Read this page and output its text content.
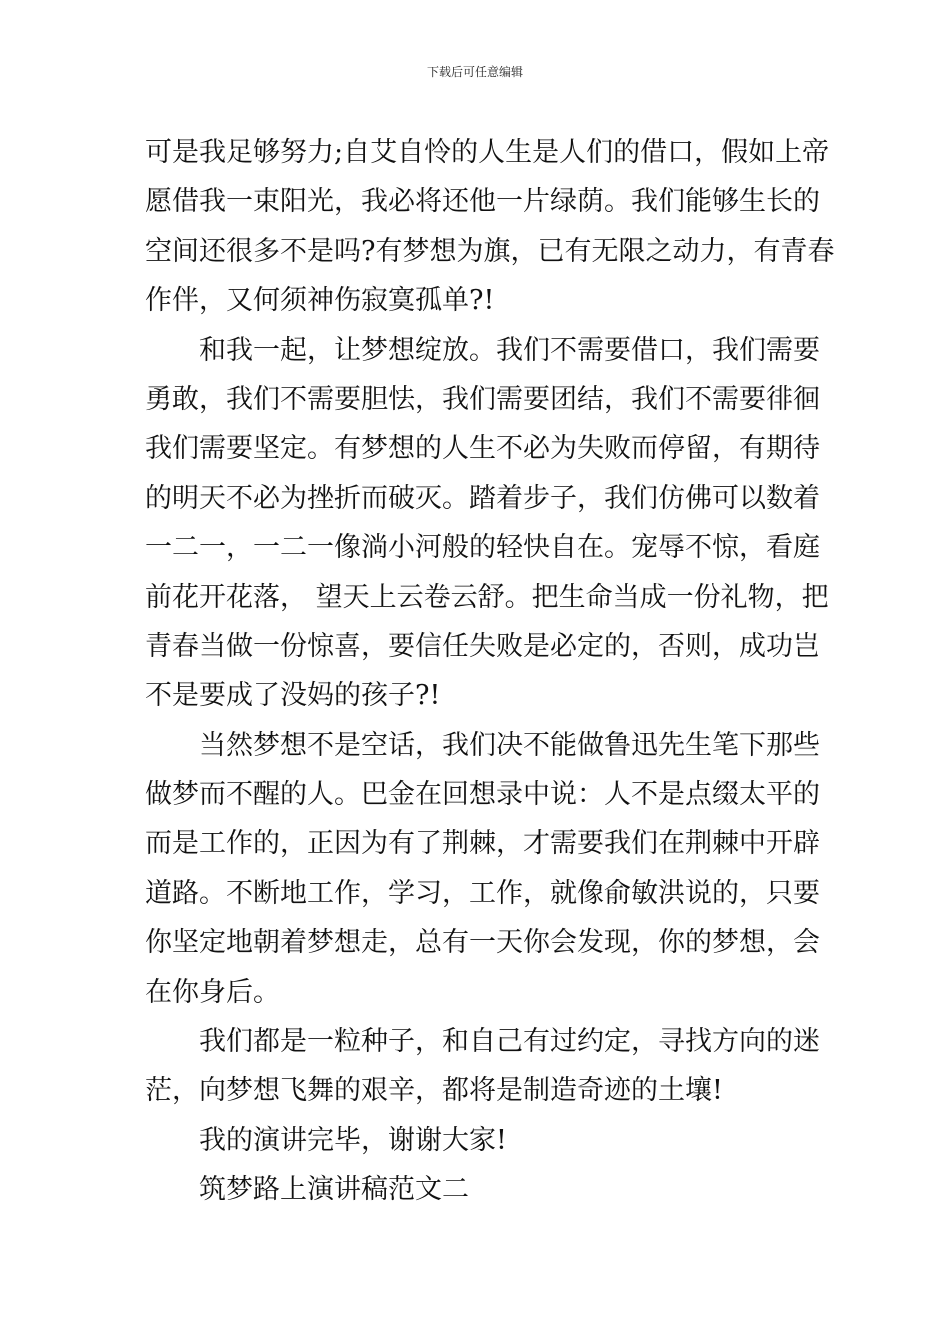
下载后可任意编辑
可是我足够努力;自艾自怜的人生是人们的借口，假如上帝
愿借我一束阳光，我必将还他一片绿荫。我们能够生长的
空间还很多不是吗?有梦想为旗，已有无限之动力，有青春
作伴，又何须神伤寂寞孤单?!
和我一起，让梦想绽放。我们不需要借口，我们需要
勇敢，我们不需要胆怯，我们需要团结，我们不需要徘徊
我们需要坚定。有梦想的人生不必为失败而停留，有期待
的明天不必为挫折而破灭。踏着步子，我们仿佛可以数着
一二一，一二一像淌小河般的轻快自在。宠辱不惊，看庭
前花开花落， 望天上云卷云舒。把生命当成一份礼物，把
青春当做一份惊喜，要信任失败是必定的，否则，成功岂
不是要成了没妈的孩子?!
当然梦想不是空话，我们决不能做鲁迅先生笔下那些
做梦而不醒的人。巴金在回想录中说：人不是点缀太平的
而是工作的，正因为有了荆棘，才需要我们在荆棘中开辟
道路。不断地工作，学习，工作，就像俞敏洪说的，只要
你坚定地朝着梦想走，总有一天你会发现，你的梦想，会
在你身后。
我们都是一粒种子，和自己有过约定，寻找方向的迷
茫，向梦想飞舞的艰辛，都将是制造奇迹的土壤!
我的演讲完毕，谢谢大家!
筑梦路上演讲稿范文二
